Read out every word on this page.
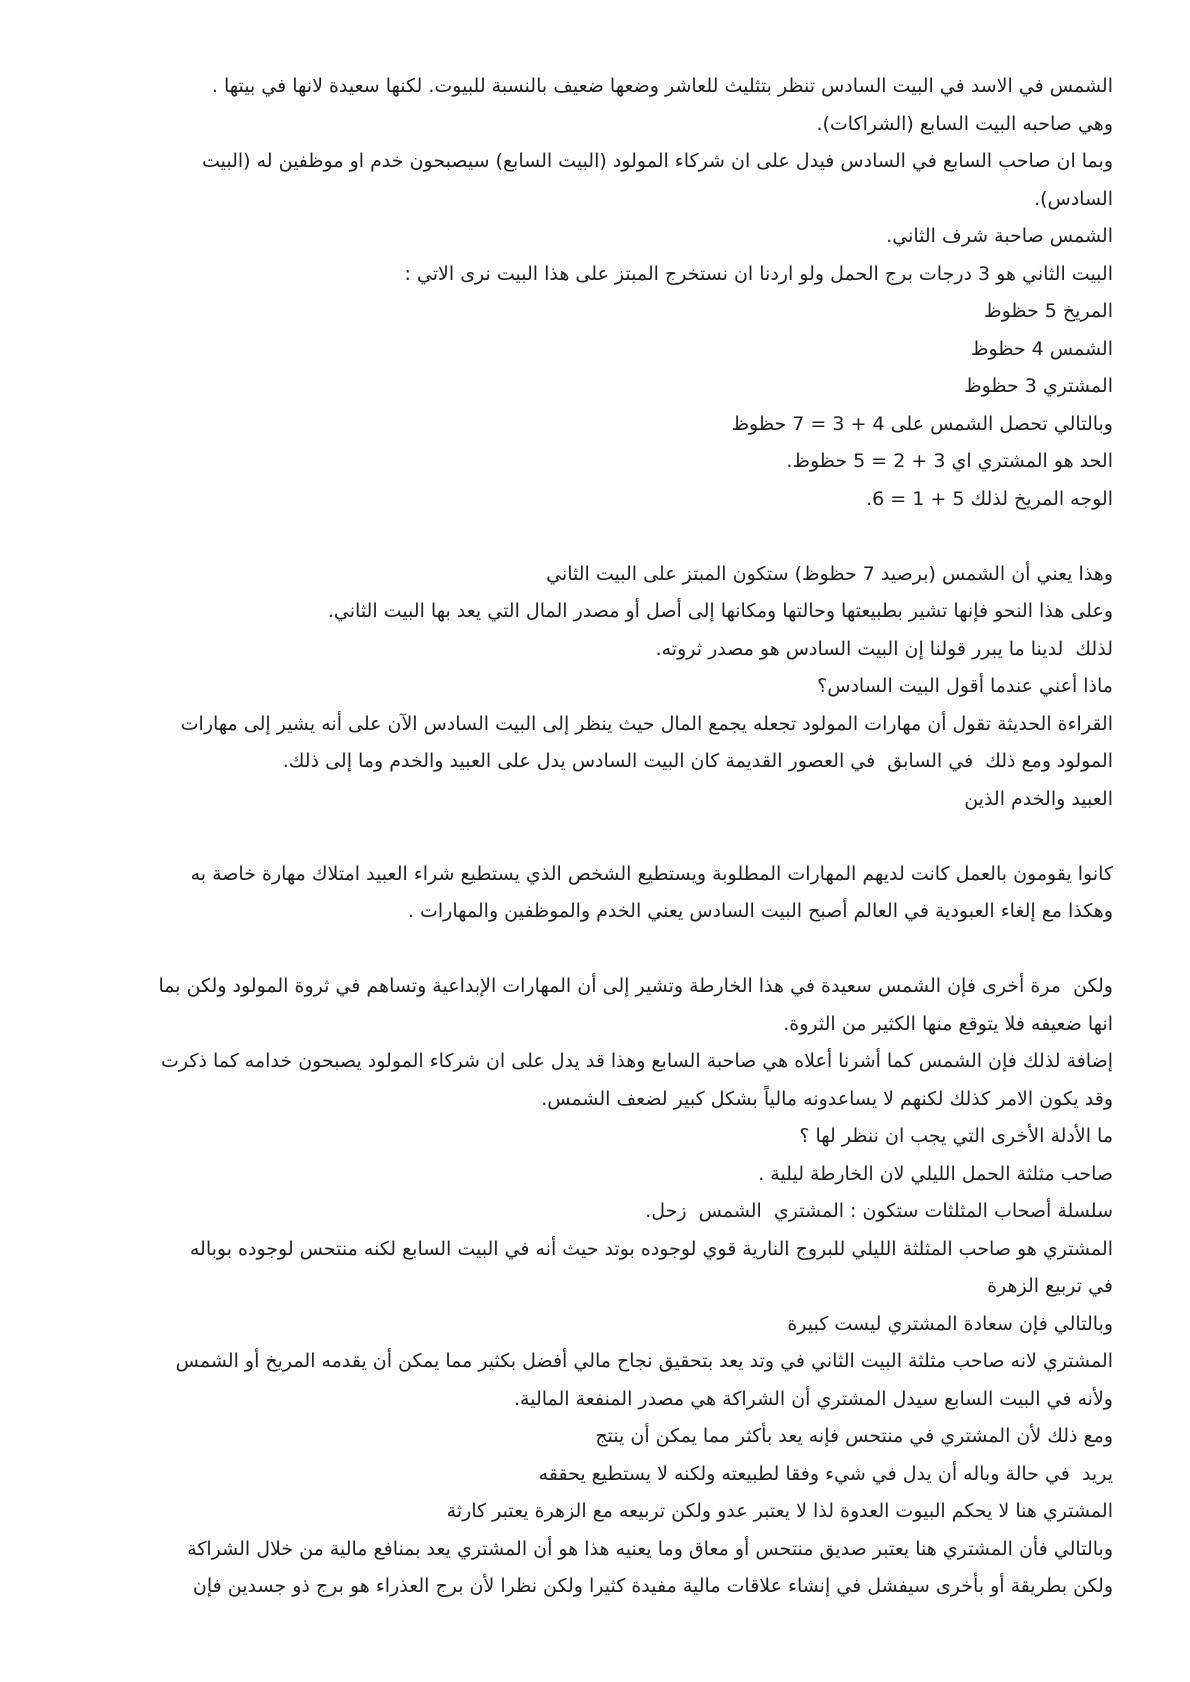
الشمس في الاسد في البيت السادس تنظر بتثليث للعاشر وضعها ضعيف بالنسبة للبيوت. لكنها سعيدة لانها في بيتها .
وهي صاحبه البيت السابع (الشراكات).
وبما ان صاحب السابع في السادس فيدل على ان شركاء المولود (البيت السابع) سيصبحون خدم او موظفين له (البيت
السادس).
الشمس صاحبة شرف الثاني.
البيت الثاني هو 3 درجات برج الحمل ولو اردنا ان نستخرج المبتز على هذا البيت نرى الاتي :
المريخ 5 حظوظ
الشمس 4 حظوظ
المشتري 3 حظوظ
وبالتالي تحصل الشمس على 4 + 3 = 7 حظوظ
الحد هو المشتري اي 3 + 2 = 5 حظوظ.
الوجه المريخ لذلك 5 + 1 = 6.
وهذا يعني أن الشمس (برصيد 7 حظوظ) ستكون المبتز على البيت الثاني
وعلى هذا النحو فإنها تشير بطبيعتها وحالتها ومكانها إلى أصل أو مصدر المال التي يعد بها البيت الثاني.
لذلك  لدينا ما يبرر قولنا إن البيت السادس هو مصدر ثروته.
ماذا أعني عندما أقول البيت السادس؟
القراءة الحديثة تقول أن مهارات المولود تجعله يجمع المال حيث ينظر إلى البيت السادس الآن على أنه يشير إلى مهارات
المولود ومع ذلك  في السابق  في العصور القديمة كان البيت السادس يدل على العبيد والخدم وما إلى ذلك.
العبيد والخدم الذين
كانوا يقومون بالعمل كانت لديهم المهارات المطلوبة ويستطيع الشخص الذي يستطيع شراء العبيد امتلاك مهارة خاصة به
وهكذا مع إلغاء العبودية في العالم أصبح البيت السادس يعني الخدم والموظفين والمهارات .
ولكن  مرة أخرى فإن الشمس سعيدة في هذا الخارطة وتشير إلى أن المهارات الإبداعية وتساهم في ثروة المولود ولكن بما
انها ضعيفه فلا يتوقع منها الكثير من الثروة.
إضافة لذلك فإن الشمس كما أشرنا أعلاه هي صاحبة السابع وهذا قد يدل على ان شركاء المولود يصبحون خدامه كما ذكرت
وقد يكون الامر كذلك لكنهم لا يساعدونه مالياً بشكل كبير لضعف الشمس.
ما الأدلة الأخرى التي يجب ان ننظر لها ؟
صاحب مثلثة الحمل الليلي لان الخارطة ليلية .
سلسلة أصحاب المثلثات ستكون : المشتري  الشمس  زحل.
المشتري هو صاحب المثلثة الليلي للبروج النارية قوي لوجوده بوتد حيث أنه في البيت السابع لكنه منتحس لوجوده بوباله
في تربيع الزهرة
وبالتالي فإن سعادة المشتري ليست كبيرة
المشتري لانه صاحب مثلثة البيت الثاني في وتد يعد بتحقيق نجاح مالي أفضل بكثير مما يمكن أن يقدمه المريخ أو الشمس
ولأنه في البيت السابع سيدل المشتري أن الشراكة هي مصدر المنفعة المالية.
ومع ذلك لأن المشتري في منتحس فإنه يعد بأكثر مما يمكن أن ينتج
يريد  في حالة وباله أن يدل في شيء وفقا لطبيعته ولكنه لا يستطيع يحققه
المشتري هنا لا يحكم البيوت العدوة لذا لا يعتبر عدو ولكن تربيعه مع الزهرة يعتبر كارثة
وبالتالي فأن المشتري هنا يعتبر صديق منتحس أو معاق وما يعنيه هذا هو أن المشتري يعد بمنافع مالية من خلال الشراكة
ولكن بطريقة أو بأخرى سيفشل في إنشاء علاقات مالية مفيدة كثيرا ولكن نظرا لأن برج العذراء هو برج ذو جسدين فإن
